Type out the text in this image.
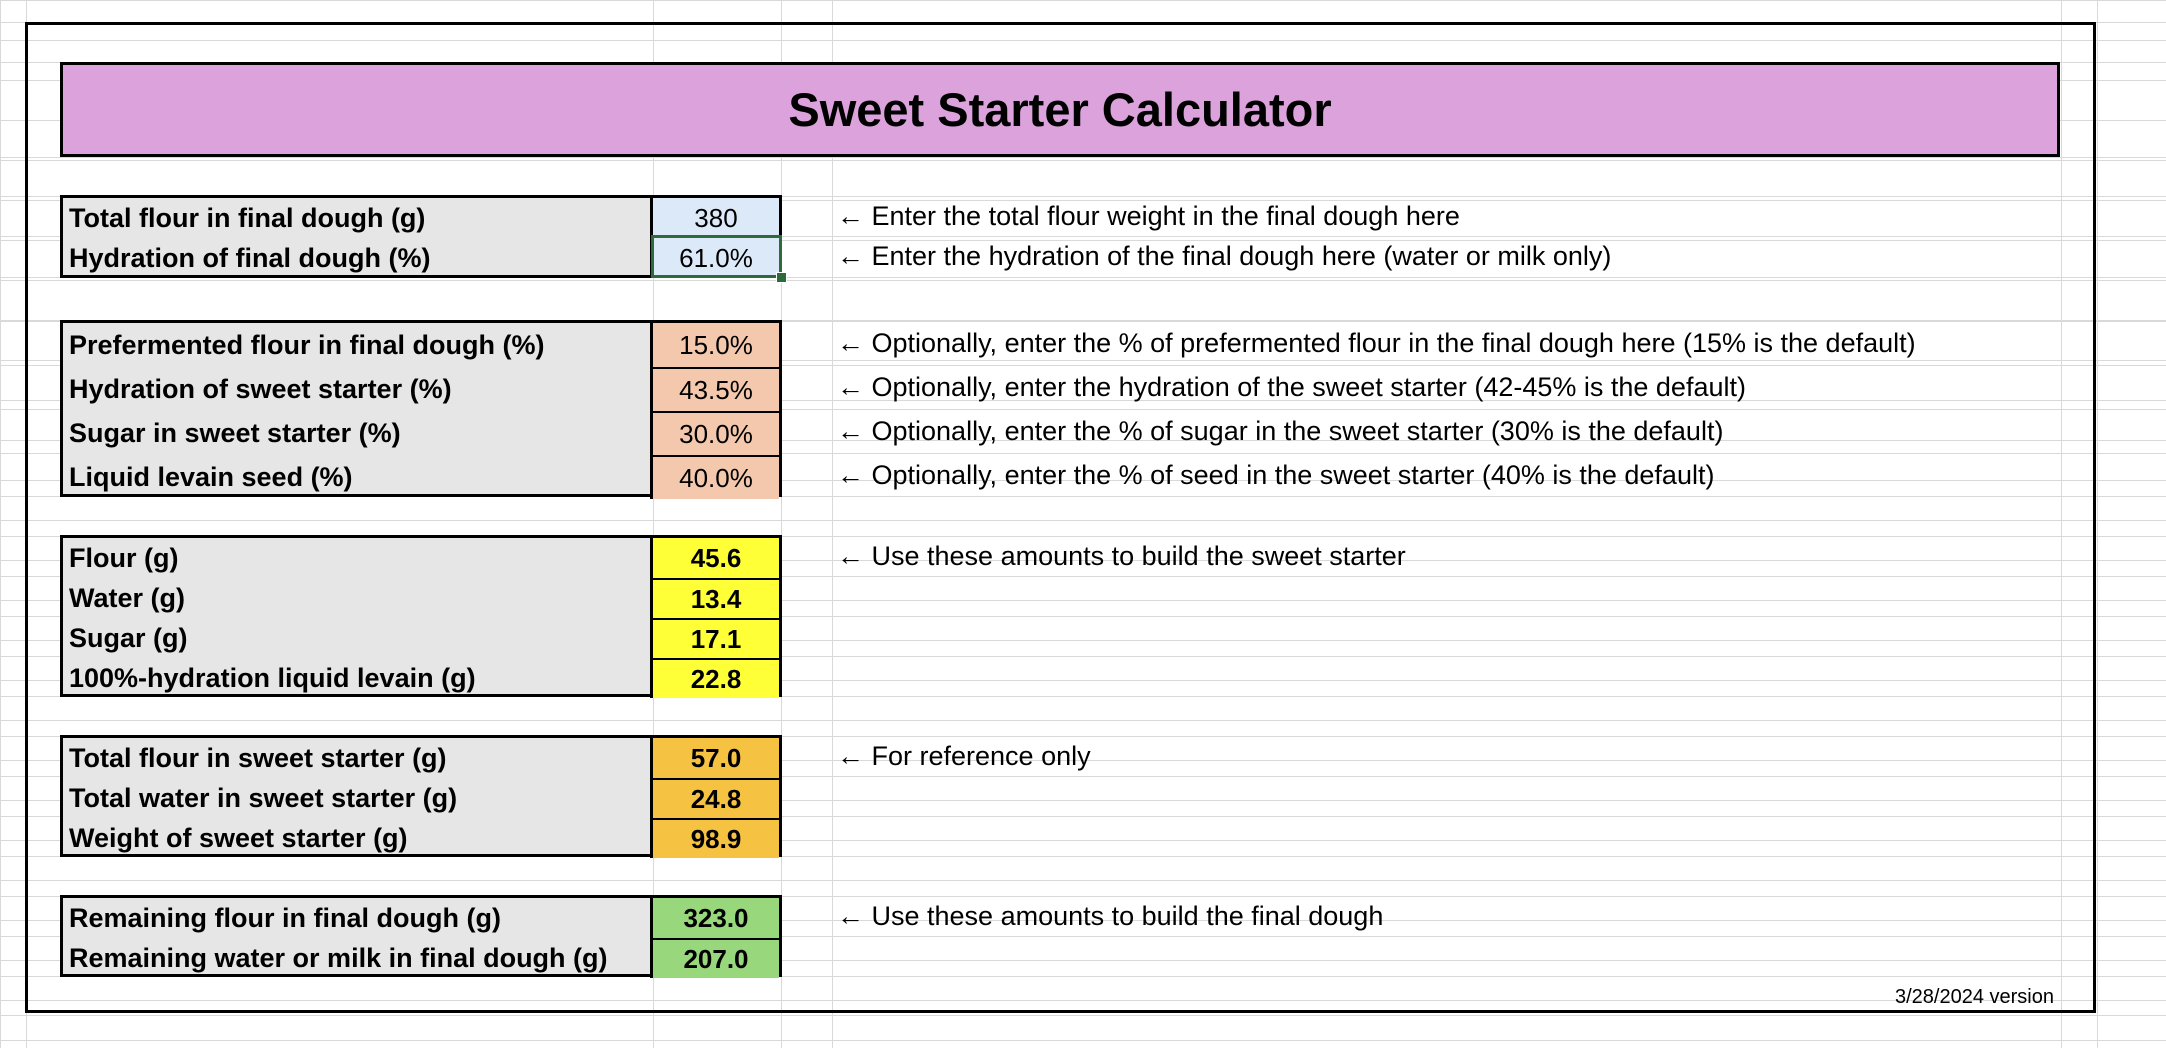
Sweet Starter Calculator
Total flour in final dough (g)	380
Hydration of final dough (%)	61.0%
Prefermented flour in final dough (%)	15.0%
Hydration of sweet starter (%)	43.5%
Sugar in sweet starter (%)	30.0%
Liquid levain seed (%)	40.0%
Flour (g)	45.6
Water (g)	13.4
Sugar (g)	17.1
100%-hydration liquid levain (g)	22.8
Total flour in sweet starter (g)	57.0
Total water in sweet starter (g)	24.8
Weight of sweet starter (g)	98.9
Remaining flour in final dough (g)	323.0
Remaining water or milk in final dough (g)	207.0
← Enter the total flour weight in the final dough here
← Enter the hydration of the final dough here (water or milk only)
← Optionally, enter the % of prefermented flour in the final dough here (15% is the default)
← Optionally, enter the hydration of the sweet starter (42-45% is the default)
← Optionally, enter the % of sugar in the sweet starter (30% is the default)
← Optionally, enter the % of seed in the sweet starter (40% is the default)
← Use these amounts to build the sweet starter
← For reference only
← Use these amounts to build the final dough
3/28/2024 version
